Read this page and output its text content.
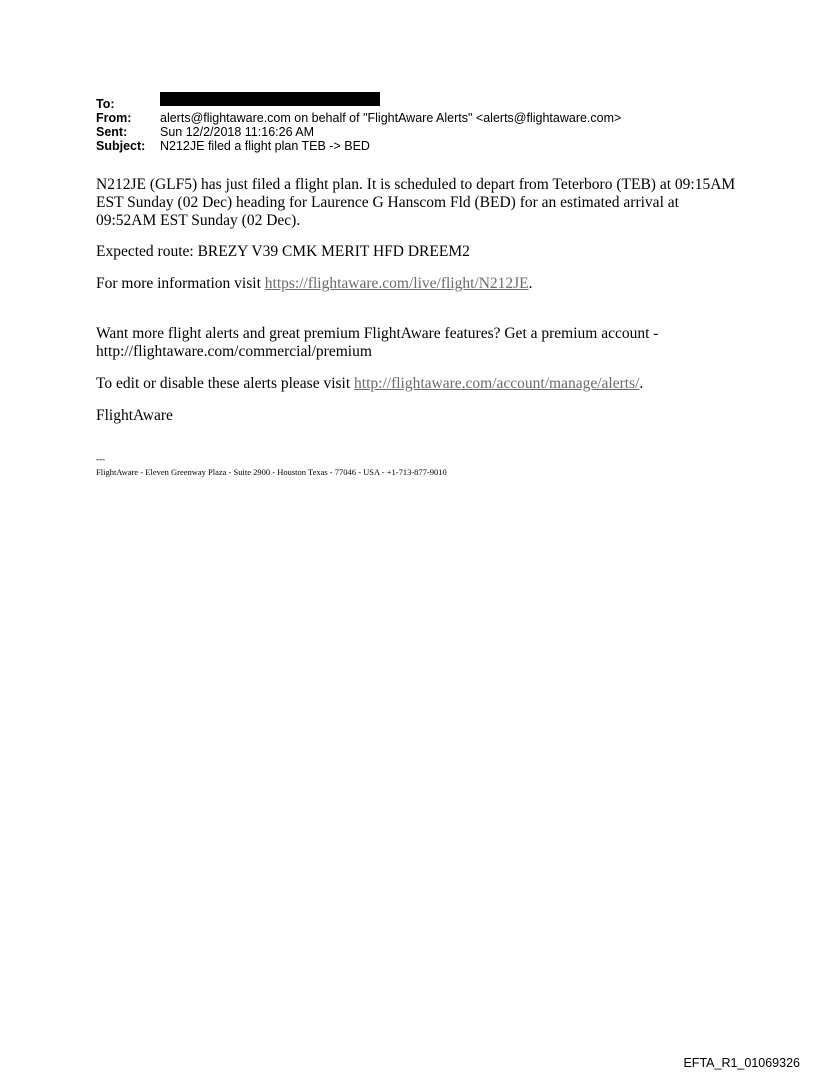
To:
From:	alerts@flightaware.com on behalf of "FlightAware Alerts" <alerts@flightaware.com>
Sent:	Sun 12/2/2018 11:16:26 AM
Subject:	N212JE filed a flight plan TEB -> BED

N212JE (GLF5) has just filed a flight plan. It is scheduled to depart from Teterboro (TEB) at 09:15AM EST Sunday (02 Dec) heading for Laurence G Hanscom Fld (BED) for an estimated arrival at 09:52AM EST Sunday (02 Dec).

Expected route: BREZY V39 CMK MERIT HFD DREEM2

For more information visit https://flightaware.com/live/flight/N212JE.

Want more flight alerts and great premium FlightAware features? Get a premium account - http://flightaware.com/commercial/premium

To edit or disable these alerts please visit http://flightaware.com/account/manage/alerts/.

FlightAware

---
FlightAware - Eleven Greenway Plaza - Suite 2900 - Houston Texas - 77046 - USA - +1-713-877-9010
EFTA_R1_01069326
